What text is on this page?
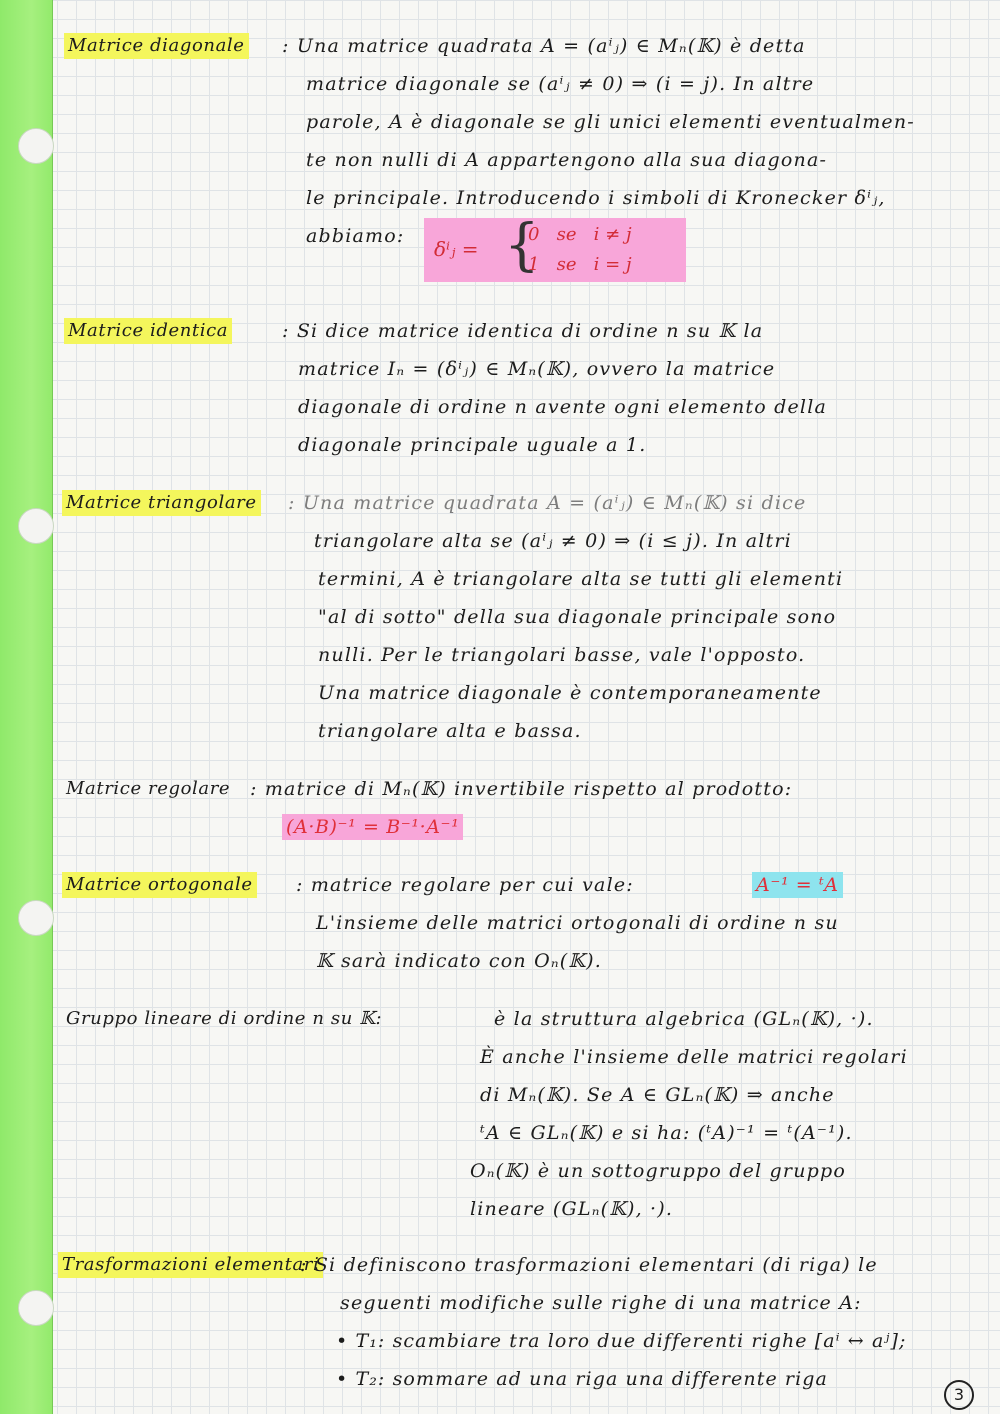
Matrice diagonale : Una matrice quadrata A = (aⁱⱼ) ∈ Mₙ(𝕂) è detta
matrice diagonale se (aⁱⱼ ≠ 0) ⇒ (i = j). In altre
parole, A è diagonale se gli unici elementi eventualmen-
te non nulli di A appartengono alla sua diagona-
le principale. Introducendo i simboli di Kronecker δⁱⱼ,
abbiamo:
δⁱⱼ = {
0   se   i ≠ j
1   se   i = j
Matrice identica	: Si dice matrice identica di ordine n su 𝕂 la
matrice Iₙ = (δⁱⱼ) ∈ Mₙ(𝕂), ovvero la matrice
diagonale di ordine n avente ogni elemento della
diagonale principale uguale a 1.
Matrice triangolare : Una matrice quadrata A = (aⁱⱼ) ∈ Mₙ(𝕂) si dice
triangolare alta se (aⁱⱼ ≠ 0) ⇒ (i ≤ j). In altri
termini, A è triangolare alta se tutti gli elementi
"al di sotto" della sua diagonale principale sono
nulli. Per le triangolari basse, vale l'opposto.
Una matrice diagonale è contemporaneamente
triangolare alta e bassa.
Matrice regolare : matrice di Mₙ(𝕂) invertibile rispetto al prodotto:
(A·B)⁻¹ = B⁻¹·A⁻¹
Matrice ortogonale : matrice regolare per cui vale:	A⁻¹ = ᵗA
L'insieme delle matrici ortogonali di ordine n su
𝕂 sarà indicato con Oₙ(𝕂).
Gruppo lineare di ordine n su 𝕂:	è la struttura algebrica (GLₙ(𝕂), ·).
È anche l'insieme delle matrici regolari
di Mₙ(𝕂). Se A ∈ GLₙ(𝕂) ⇒ anche
ᵗA ∈ GLₙ(𝕂) e si ha: (ᵗA)⁻¹ = ᵗ(A⁻¹).
Oₙ(𝕂) è un sottogruppo del gruppo
lineare (GLₙ(𝕂), ·).
Trasformazioni elementari
: Si definiscono trasformazioni elementari (di riga) le
seguenti modifiche sulle righe di una matrice A:
• T₁: scambiare tra loro due differenti righe [aⁱ ↔ aʲ];
• T₂: sommare ad una riga una differente riga
3
